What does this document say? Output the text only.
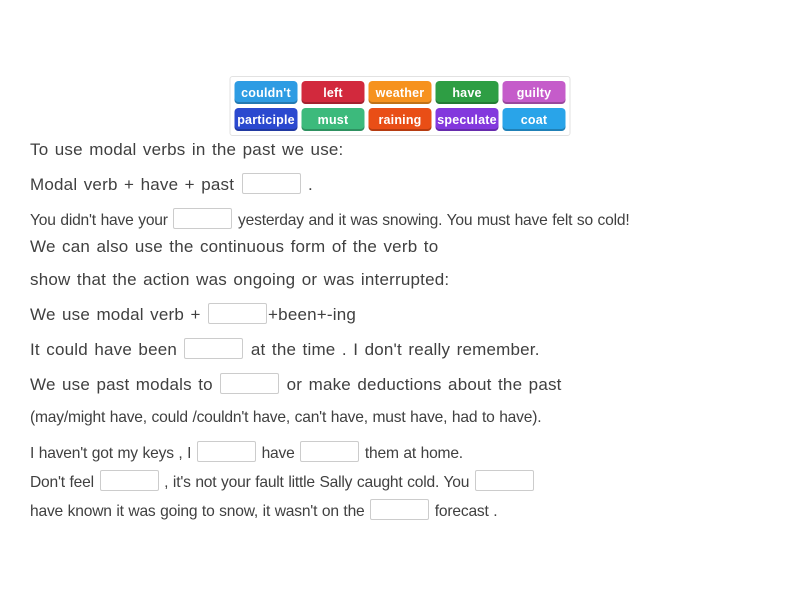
couldn't	left	weather	have	guilty
participle	must	raining	speculate	coat
To use modal verbs in the past we use:
Modal verb + have + past	.
You didn't have your	yesterday and it was snowing. You must have felt so cold!
We can also use the continuous form of the verb to
show that the action was ongoing or was interrupted:
We use modal verb +	+been+-ing
It could have been	at the time . I don't really remember.
We use past modals to	or make deductions about the past
(may/might have, could /couldn't have, can't have, must have, had to have).
I haven't got my keys , I	have	them at home.
Don't feel	, it's not your fault little Sally caught cold. You
have known it was going to snow, it wasn't on the	forecast .
